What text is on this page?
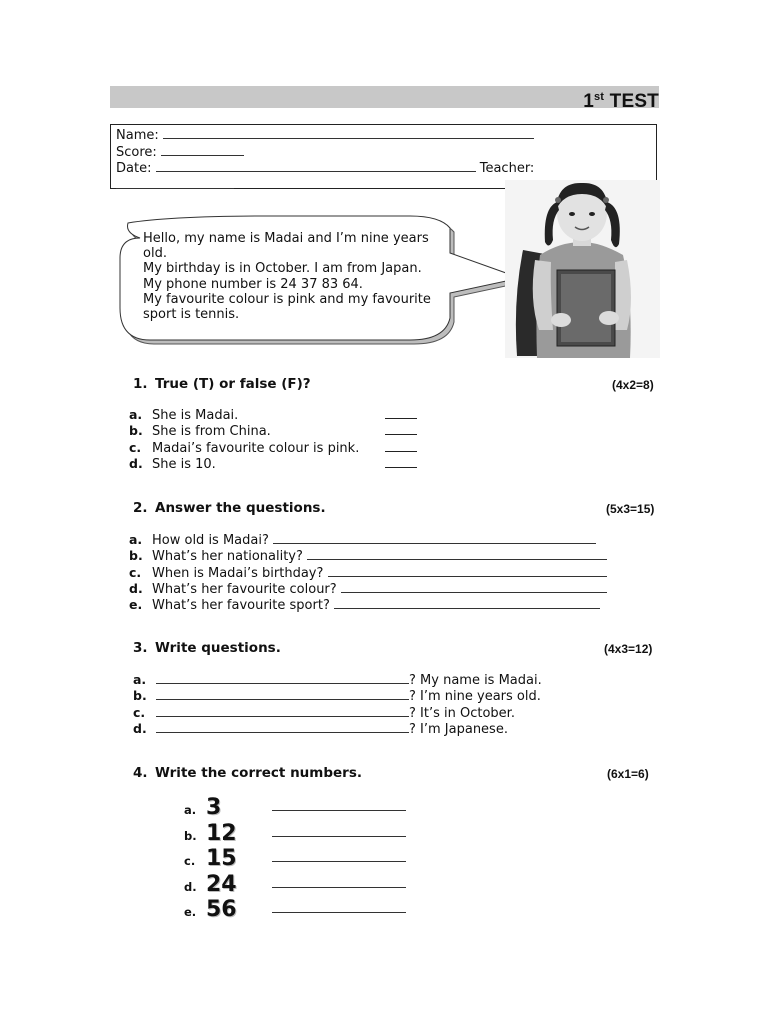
1st TEST
Name:
Score:
Date:	Teacher:
Hello, my name is Madai and I’m nine years old.
My birthday is in October. I am from Japan.
My phone number is 24 37 83 64.
My favourite colour is pink and my favourite sport is tennis.
1. True (T) or false (F)?	(4x2=8)
a. She is Madai.
b. She is from China.
c. Madai’s favourite colour is pink.
d. She is 10.
2. Answer the questions.	(5x3=15)
a. How old is Madai?
b. What’s her nationality?
c. When is Madai’s birthday?
d. What’s her favourite colour?
e. What’s her favourite sport?
3. Write questions.	(4x3=12)
a.	? My name is Madai.
b.	? I’m nine years old.
c.	? It’s in October.
d.	? I’m Japanese.
4. Write the correct numbers.	(6x1=6)
a. 3
b. 12
c. 15
d. 24
e. 56
